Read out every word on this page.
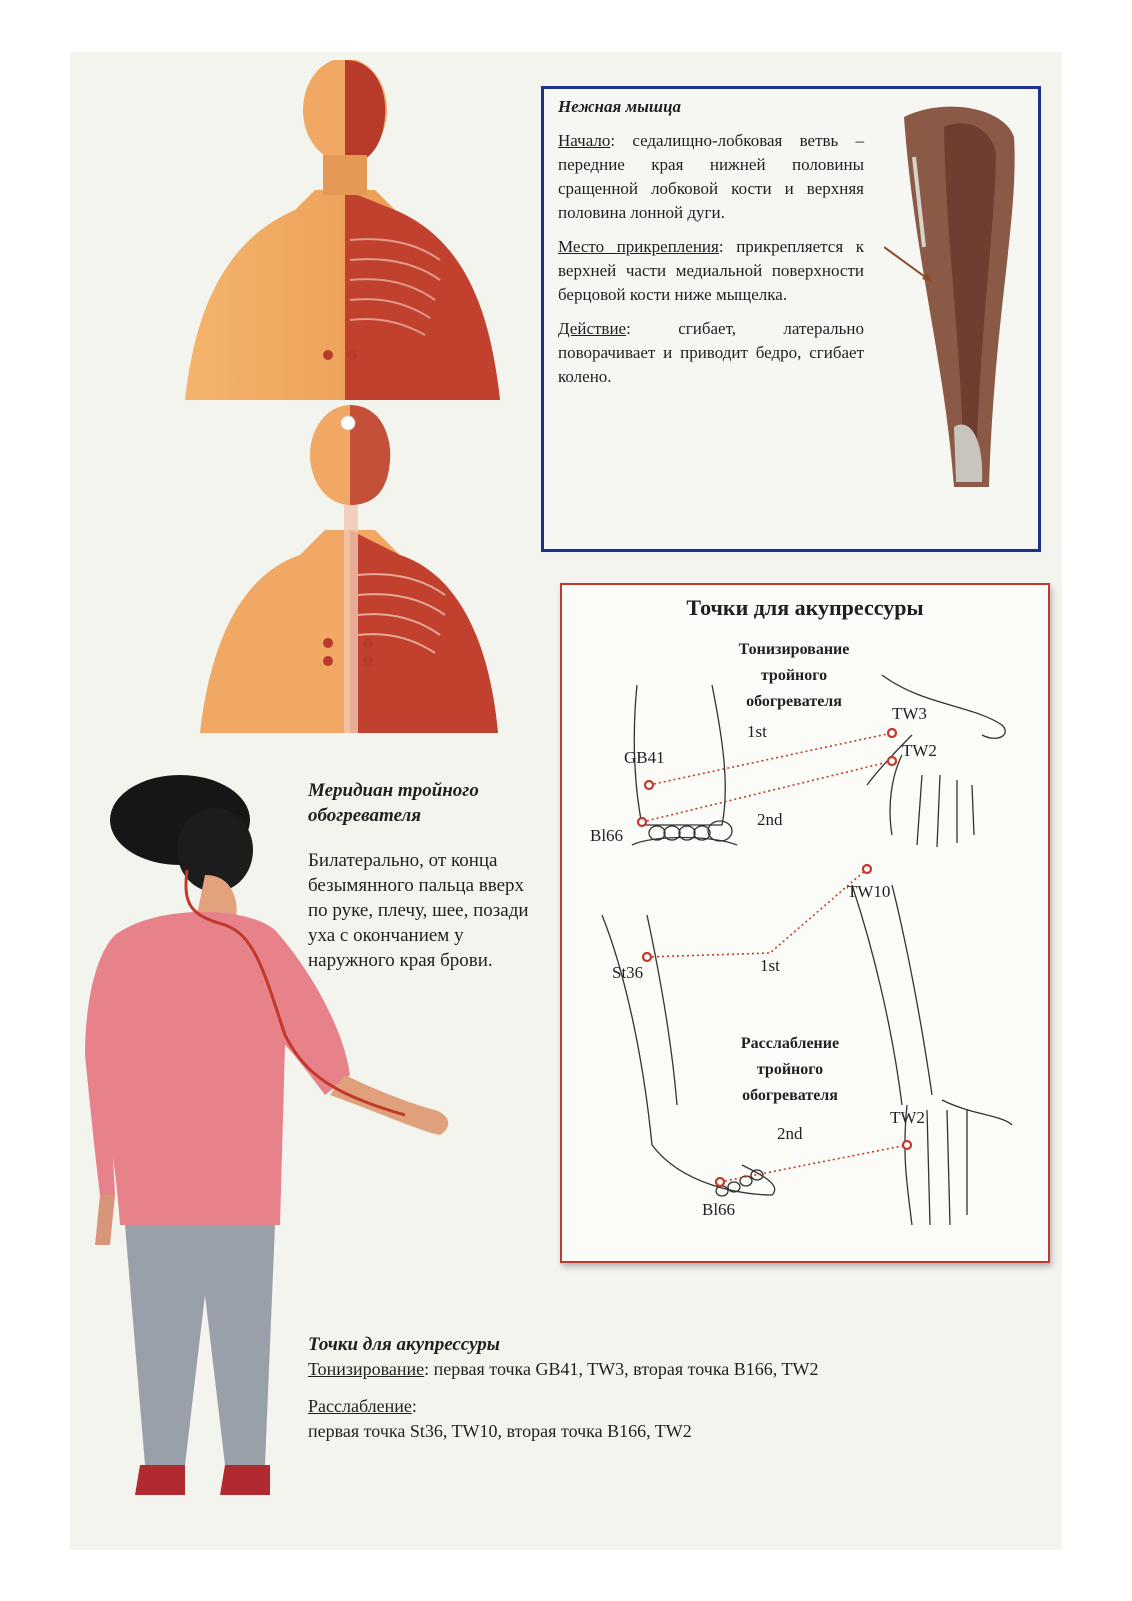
Нежная мышца

Начало: седалищно-лобковая ветвь – передние края нижней половины сращенной лобковой кости и верхняя половина лонной дуги.

Место прикрепления: прикрепляется к верхней части медиальной поверхности берцовой кости ниже мыщелка.

Действие: сгибает, латерально поворачивает и приводит бедро, сгибает колено.

Точки для акупрессуры
Тонизирование
тройного
обогревателя
Расслабление
тройного
обогревателя
TW3
TW2
GB41
Bl66
1st
2nd
TW10
St36	1st
2nd
TW2
Bl66
Меридиан тройного обогревателя
Билатерально, от конца безымянного пальца вверх по руке, плечу, шее, позади уха с окончанием у наружного края брови.

Точки для акупрессуры

Тонизирование: первая точка GB41, TW3, вторая точка B166, TW2

Расслабление:

первая точка St36, TW10, вторая точка B166, TW2
